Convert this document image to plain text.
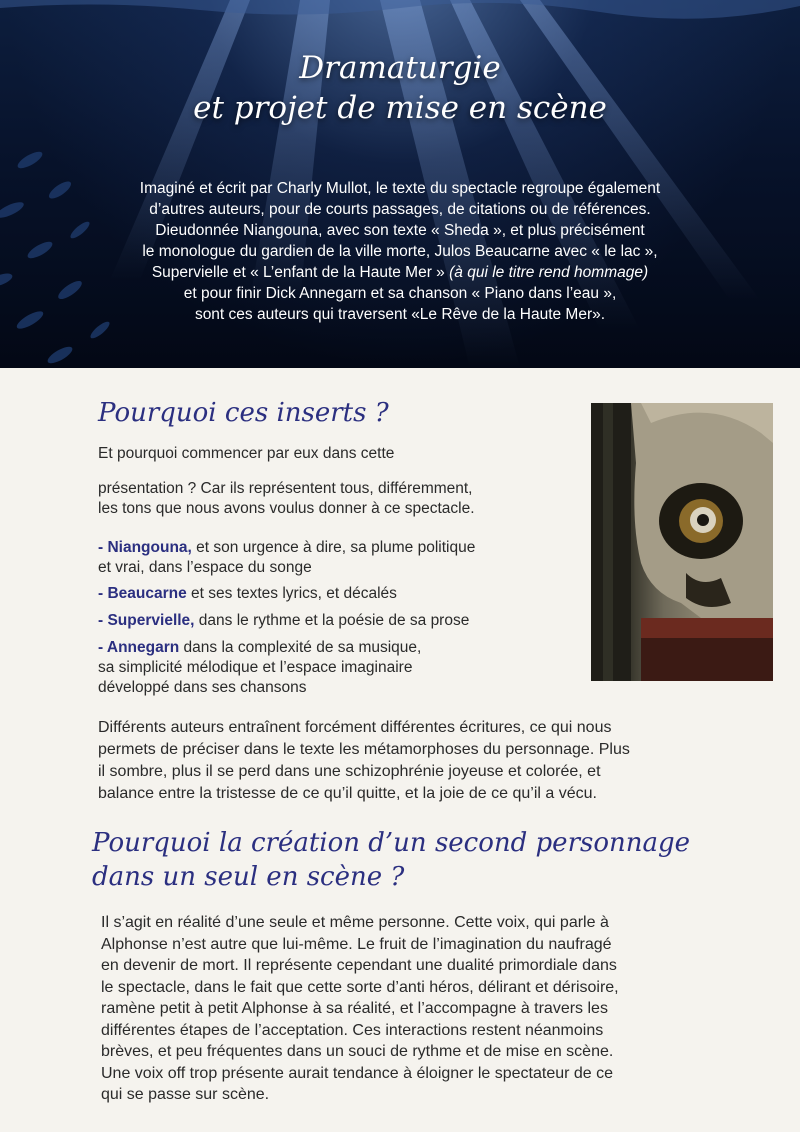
Dramaturgie
et projet de mise en scène
Imaginé et écrit par Charly Mullot, le texte du spectacle regroupe également
d’autres auteurs, pour de courts passages, de citations ou de références.
Dieudonnée Niangouna, avec son texte « Sheda », et plus précisément
le monologue du gardien de la ville morte, Julos Beaucarne avec « le lac »,
Supervielle et « L’enfant de la Haute Mer » (à qui le titre rend hommage)
et pour finir Dick Annegarn et sa chanson « Piano dans l’eau »,
sont ces auteurs qui traversent «Le Rêve de la Haute Mer».
Pourquoi ces inserts ?
Et pourquoi commencer par eux dans cette
présentation ? Car ils représentent tous, différemment,
les tons que nous avons voulus donner à ce spectacle.
- Niangouna, et son urgence à dire, sa plume politique
et vrai, dans l’espace du songe
- Beaucarne et ses textes lyrics, et décalés
- Supervielle, dans le rythme et la poésie de sa prose
- Annegarn dans la complexité de sa musique,
sa simplicité mélodique et l’espace imaginaire
développé dans ses chansons
Différents auteurs entraînent forcément différentes écritures, ce qui nous
permets de préciser dans le texte les métamorphoses du personnage. Plus
il sombre, plus il se perd dans une schizophrénie joyeuse et colorée, et
balance entre la tristesse de ce qu’il quitte, et la joie de ce qu’il a vécu.
Pourquoi la création d’un second personnage
dans un seul en scène ?
Il s’agit en réalité d’une seule et même personne. Cette voix, qui parle à
Alphonse n’est autre que lui-même. Le fruit de l’imagination du naufragé
en devenir de mort. Il représente cependant une dualité primordiale dans
le spectacle, dans le fait que cette sorte d’anti héros, délirant et dérisoire,
ramène petit à petit Alphonse à sa réalité, et l’accompagne à travers les
différentes étapes de l’acceptation. Ces interactions restent néanmoins
brèves, et peu fréquentes dans un souci de rythme et de mise en scène.
Une voix off trop présente aurait tendance à éloigner le spectateur de ce
qui se passe sur scène.
